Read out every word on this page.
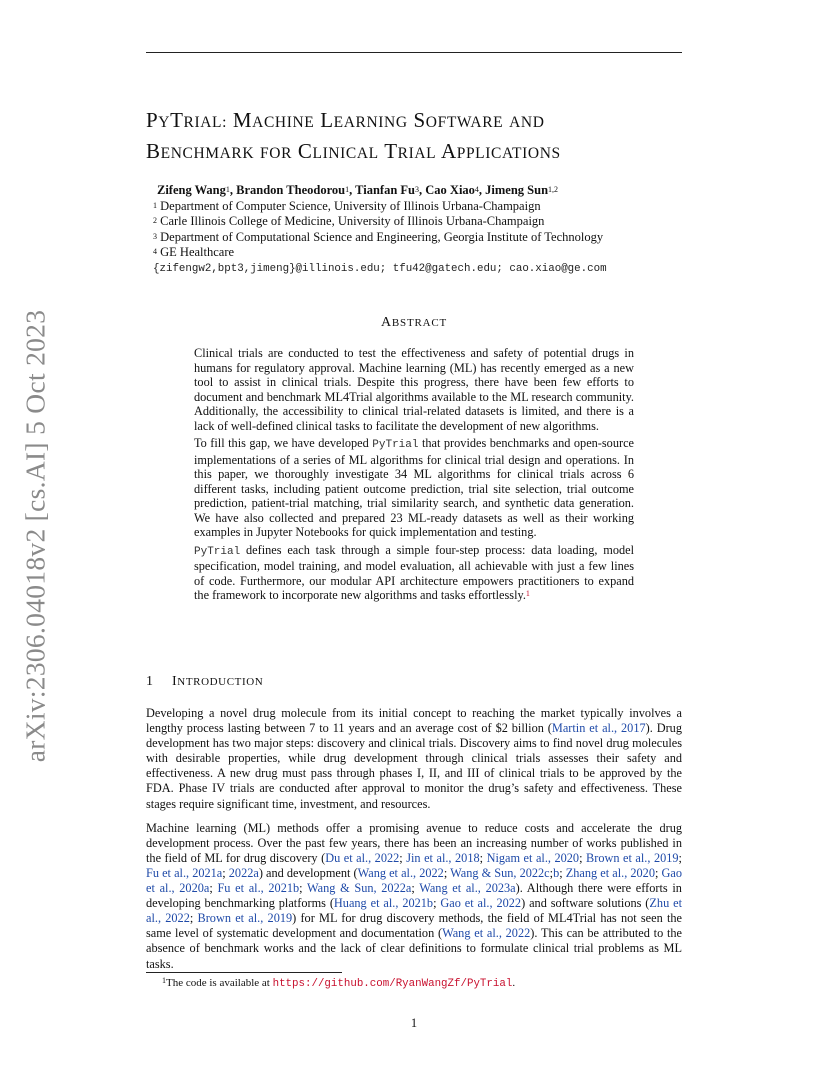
arXiv:2306.04018v2 [cs.AI] 5 Oct 2023
PYTRIAL: MACHINE LEARNING SOFTWARE AND
BENCHMARK FOR CLINICAL TRIAL APPLICATIONS
Zifeng Wang$^1$, Brandon Theodorou$^1$, Tianfan Fu$^3$, Cao Xiao$^4$, Jimeng Sun$^{1,2}$
$^1$ Department of Computer Science, University of Illinois Urbana-Champaign
$^2$ Carle Illinois College of Medicine, University of Illinois Urbana-Champaign
$^3$ Department of Computational Science and Engineering, Georgia Institute of Technology
$^4$ GE Healthcare
{zifengw2,bpt3,jimeng}@illinois.edu; tfu42@gatech.edu; cao.xiao@ge.com
ABSTRACT

Clinical trials are conducted to test the effectiveness and safety of potential drugs in humans for regulatory approval. Machine learning (ML) has recently emerged as a new tool to assist in clinical trials. Despite this progress, there have been few efforts to document and benchmark ML4Trial algorithms available to the ML research community. Additionally, the accessibility to clinical trial-related datasets is limited, and there is a lack of well-defined clinical tasks to facilitate the development of new algorithms.

To fill this gap, we have developed PyTrial that provides benchmarks and open-source implementations of a series of ML algorithms for clinical trial design and operations. In this paper, we thoroughly investigate 34 ML algorithms for clinical trials across 6 different tasks, including patient outcome prediction, trial site selection, trial outcome prediction, patient-trial matching, trial similarity search, and synthetic data generation. We have also collected and prepared 23 ML-ready datasets as well as their working examples in Jupyter Notebooks for quick implementation and testing.

PyTrial defines each task through a simple four-step process: data loading, model specification, model training, and model evaluation, all achievable with just a few lines of code. Furthermore, our modular API architecture empowers practitioners to expand the framework to incorporate new algorithms and tasks effortlessly.$^1$

1 INTRODUCTION

Developing a novel drug molecule from its initial concept to reaching the market typically involves a lengthy process lasting between 7 to 11 years and an average cost of $2 billion (Martin et al., 2017). Drug development has two major steps: discovery and clinical trials. Discovery aims to find novel drug molecules with desirable properties, while drug development through clinical trials assesses their safety and effectiveness. A new drug must pass through phases I, II, and III of clinical trials to be approved by the FDA. Phase IV trials are conducted after approval to monitor the drug’s safety and effectiveness. These stages require significant time, investment, and resources.

Machine learning (ML) methods offer a promising avenue to reduce costs and accelerate the drug development process. Over the past few years, there has been an increasing number of works published in the field of ML for drug discovery (Du et al., 2022; Jin et al., 2018; Nigam et al., 2020; Brown et al., 2019; Fu et al., 2021a; 2022a) and development (Wang et al., 2022; Wang & Sun, 2022c;b; Zhang et al., 2020; Gao et al., 2020a; Fu et al., 2021b; Wang & Sun, 2022a; Wang et al., 2023a). Although there were efforts in developing benchmarking platforms (Huang et al., 2021b; Gao et al., 2022) and software solutions (Zhu et al., 2022; Brown et al., 2019) for ML for drug discovery methods, the field of ML4Trial has not seen the same level of systematic development and documentation (Wang et al., 2022). This can be attributed to the absence of benchmark works and the lack of clear definitions to formulate clinical trial problems as ML tasks.

$^1$The code is available at https://github.com/RyanWangZf/PyTrial.
1
